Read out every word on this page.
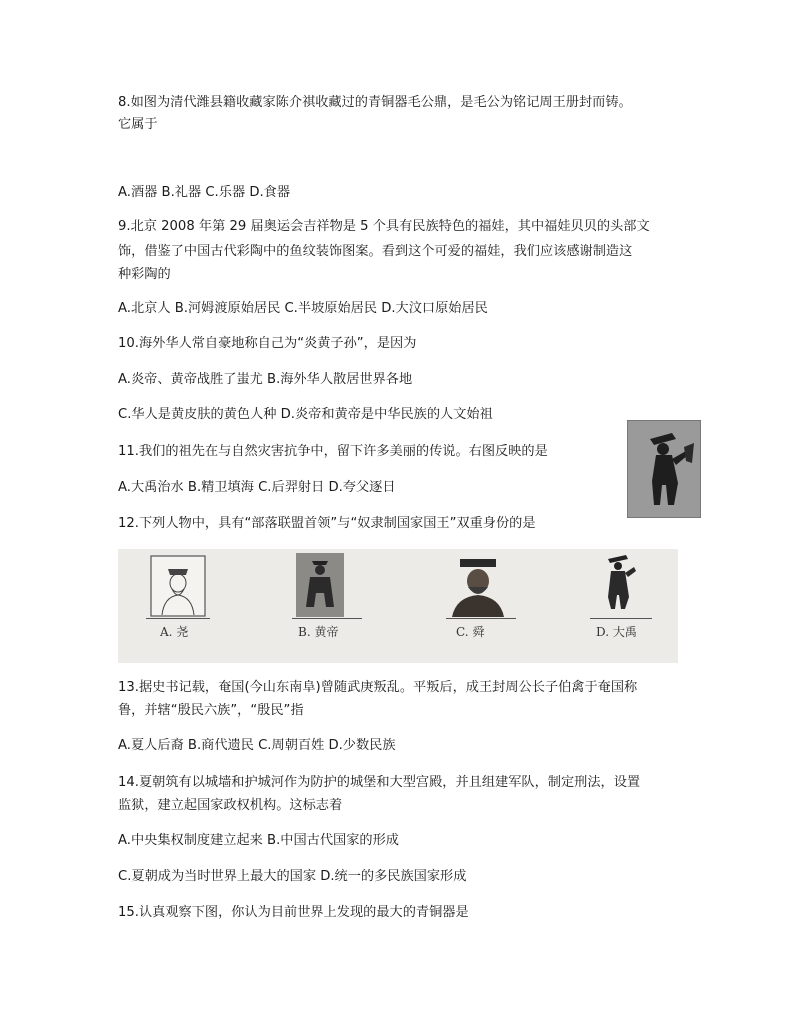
8.如图为清代潍县籍收藏家陈介祺收藏过的青铜器毛公鼎，是毛公为铭记周王册封而铸。
它属于
A.酒器 B.礼器 C.乐器 D.食器
9.北京 2008 年第 29 届奥运会吉祥物是 5 个具有民族特色的福娃，其中福娃贝贝的头部文
饰，借鉴了中国古代彩陶中的鱼纹装饰图案。看到这个可爱的福娃，我们应该感谢制造这
种彩陶的
A.北京人 B.河姆渡原始居民 C.半坡原始居民 D.大汶口原始居民
10.海外华人常自豪地称自己为“炎黄子孙”，是因为
A.炎帝、黄帝战胜了蚩尤 B.海外华人散居世界各地
C.华人是黄皮肤的黄色人种 D.炎帝和黄帝是中华民族的人文始祖
11.我们的祖先在与自然灾害抗争中，留下许多美丽的传说。右图反映的是
A.大禹治水 B.精卫填海 C.后羿射日 D.夸父逐日
12.下列人物中，具有“部落联盟首领”与“奴隶制国家国王”双重身份的是
A. 尧	B. 黄帝	C. 舜	D. 大禹
13.据史书记载，奄国(今山东南阜)曾随武庚叛乱。平叛后，成王封周公长子伯禽于奄国称
鲁，并辖“殷民六族”，“殷民”指
A.夏人后裔 B.商代遗民 C.周朝百姓 D.少数民族
14.夏朝筑有以城墙和护城河作为防护的城堡和大型宫殿，并且组建军队，制定刑法，设置
监狱，建立起国家政权机构。这标志着
A.中央集权制度建立起来 B.中国古代国家的形成
C.夏朝成为当时世界上最大的国家 D.统一的多民族国家形成
15.认真观察下图，你认为目前世界上发现的最大的青铜器是
